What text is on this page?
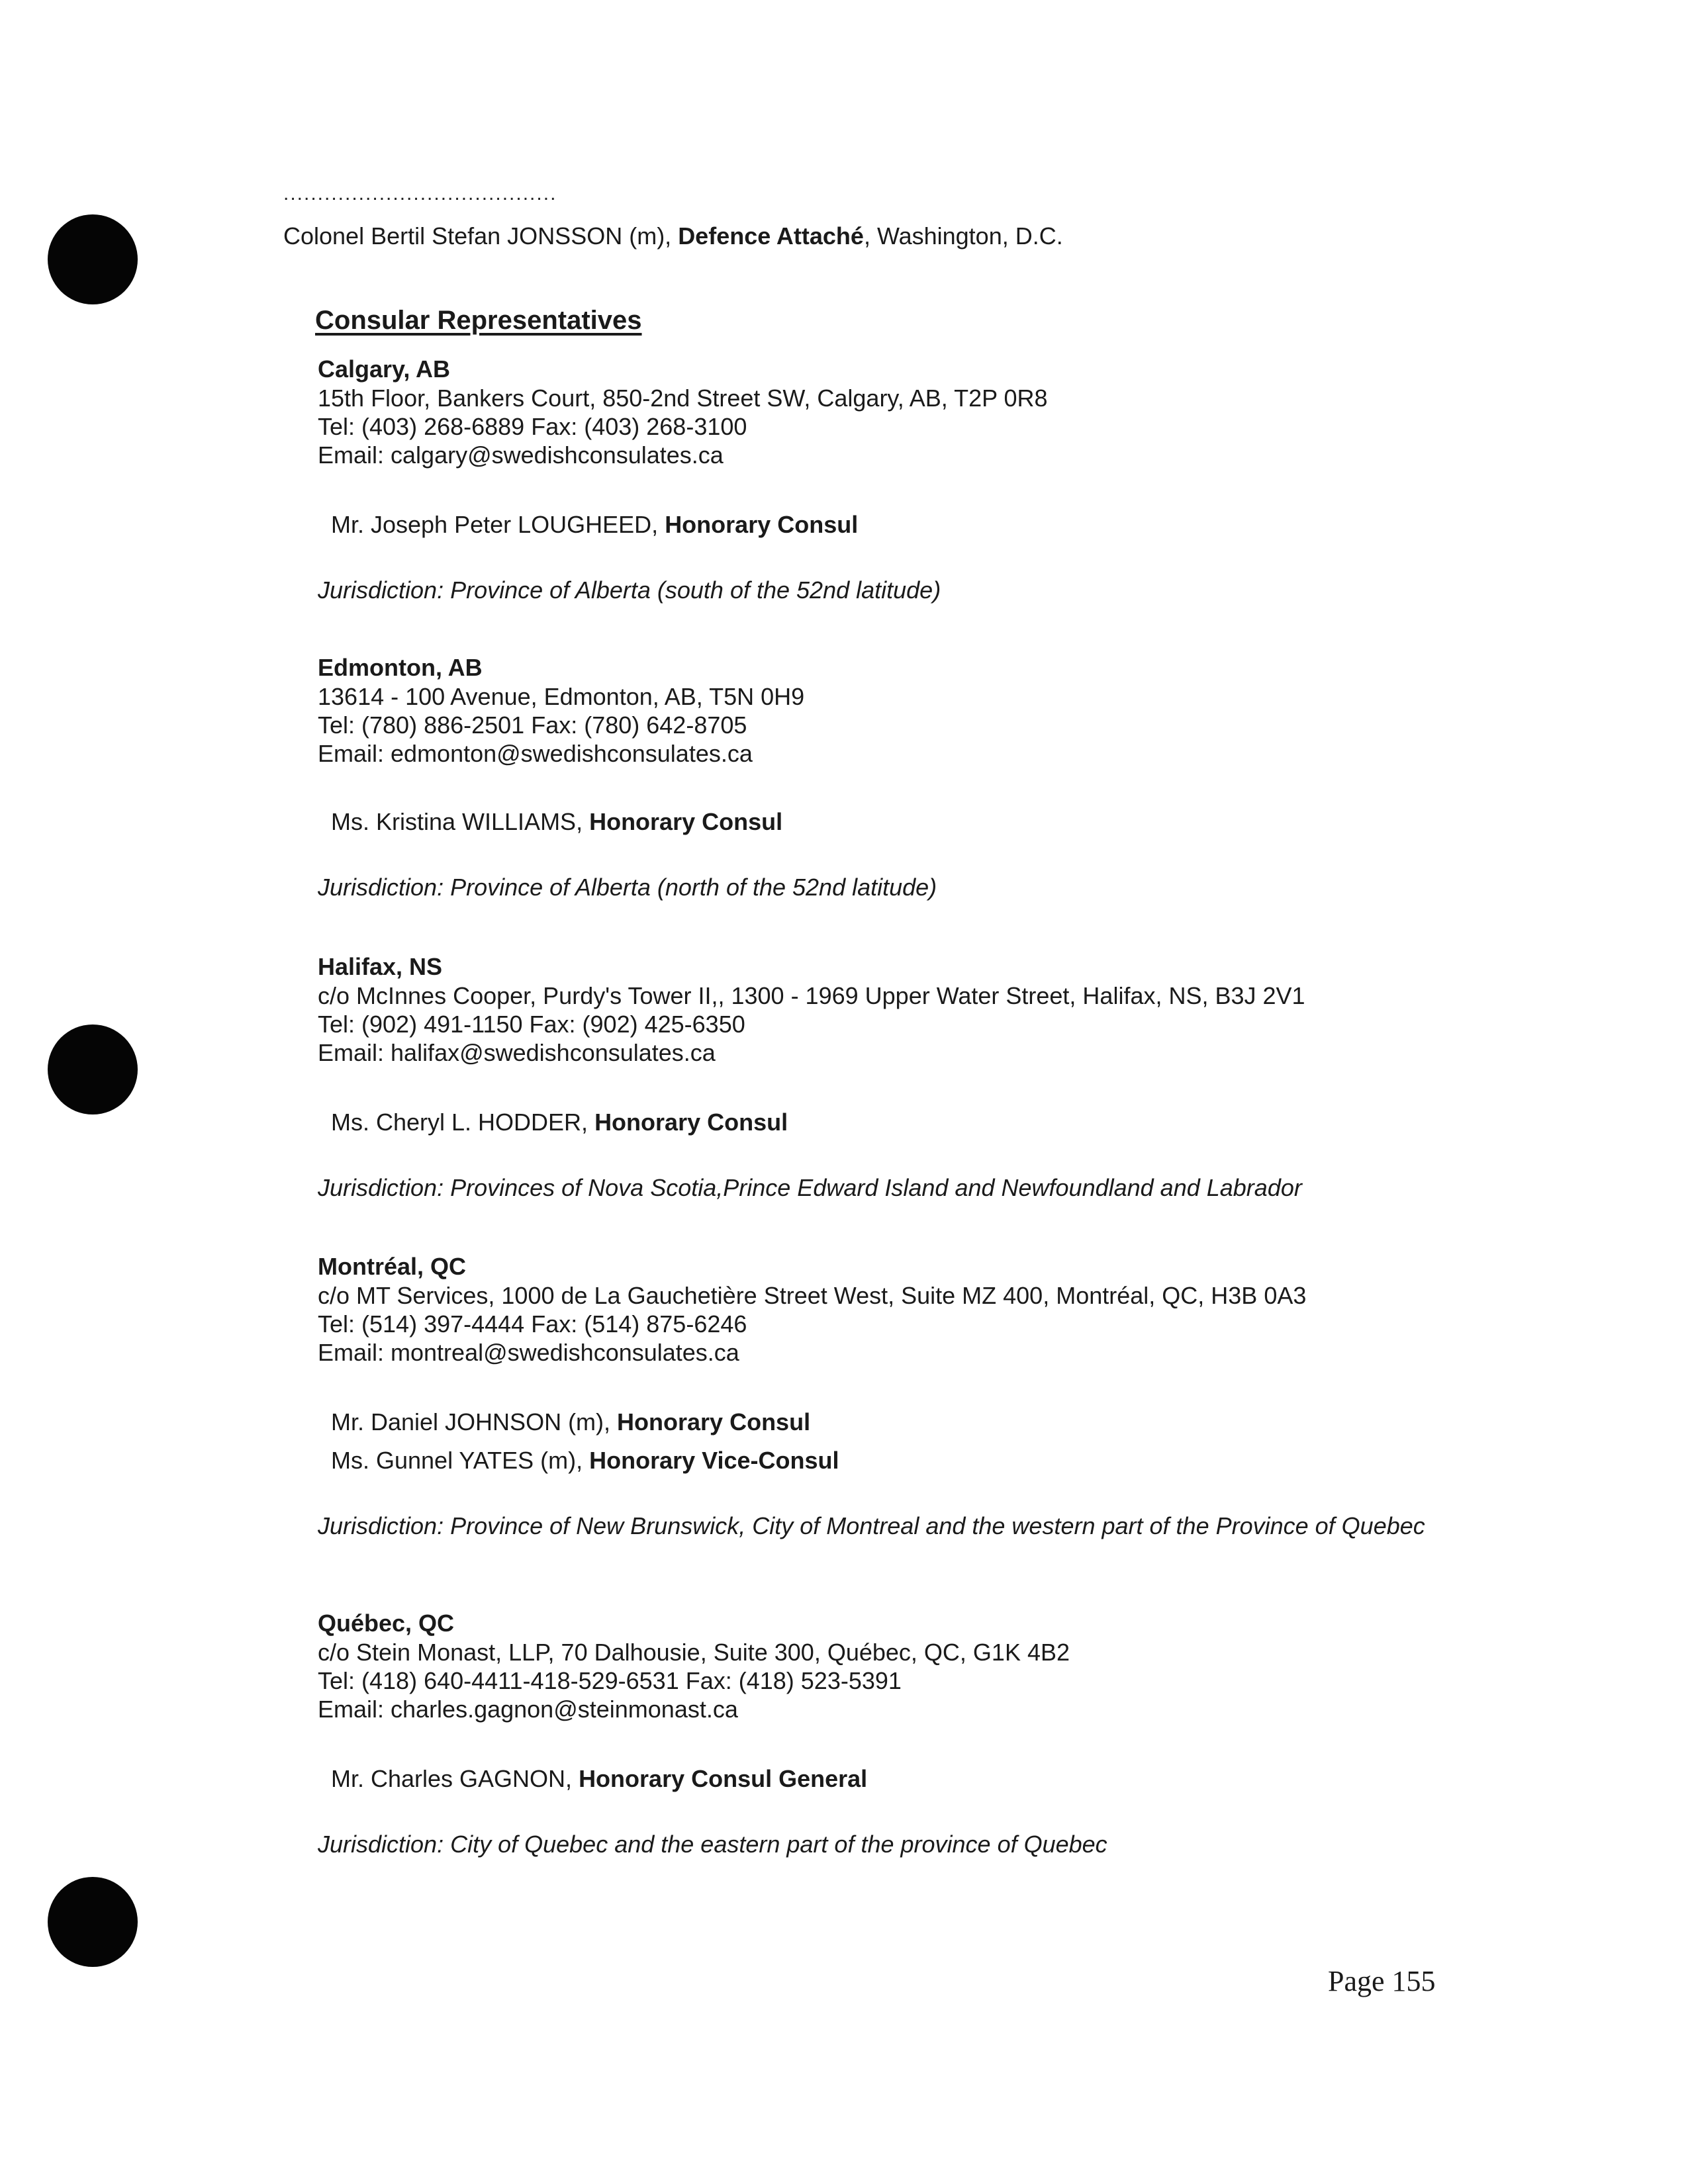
........................................
Colonel Bertil Stefan JONSSON (m), Defence Attaché, Washington, D.C.
Consular Representatives
Calgary, AB
15th Floor, Bankers Court, 850-2nd Street SW, Calgary, AB, T2P 0R8
Tel: (403) 268-6889 Fax: (403) 268-3100
Email: calgary@swedishconsulates.ca
Mr. Joseph Peter LOUGHEED, Honorary Consul
Jurisdiction: Province of Alberta (south of the 52nd latitude)
Edmonton, AB
13614 - 100 Avenue, Edmonton, AB, T5N 0H9
Tel: (780) 886-2501 Fax: (780) 642-8705
Email: edmonton@swedishconsulates.ca
Ms. Kristina WILLIAMS, Honorary Consul
Jurisdiction: Province of Alberta (north of the 52nd latitude)
Halifax, NS
c/o McInnes Cooper, Purdy's Tower II,, 1300 - 1969 Upper Water Street, Halifax, NS, B3J 2V1
Tel: (902) 491-1150 Fax: (902) 425-6350
Email: halifax@swedishconsulates.ca
Ms. Cheryl L. HODDER, Honorary Consul
Jurisdiction: Provinces of Nova Scotia,Prince Edward Island and Newfoundland and Labrador
Montréal, QC
c/o MT Services, 1000 de La Gauchetière Street West, Suite MZ 400, Montréal, QC, H3B 0A3
Tel: (514) 397-4444 Fax: (514) 875-6246
Email: montreal@swedishconsulates.ca
Mr. Daniel JOHNSON (m), Honorary Consul
Ms. Gunnel YATES (m), Honorary Vice-Consul
Jurisdiction: Province of New Brunswick, City of Montreal and the western part of the Province of Quebec
Québec, QC
c/o Stein Monast, LLP, 70 Dalhousie, Suite 300, Québec, QC, G1K 4B2
Tel: (418) 640-4411-418-529-6531 Fax: (418) 523-5391
Email: charles.gagnon@steinmonast.ca
Mr. Charles GAGNON, Honorary Consul General
Jurisdiction: City of Quebec and the eastern part of the province of Quebec
Page 155
